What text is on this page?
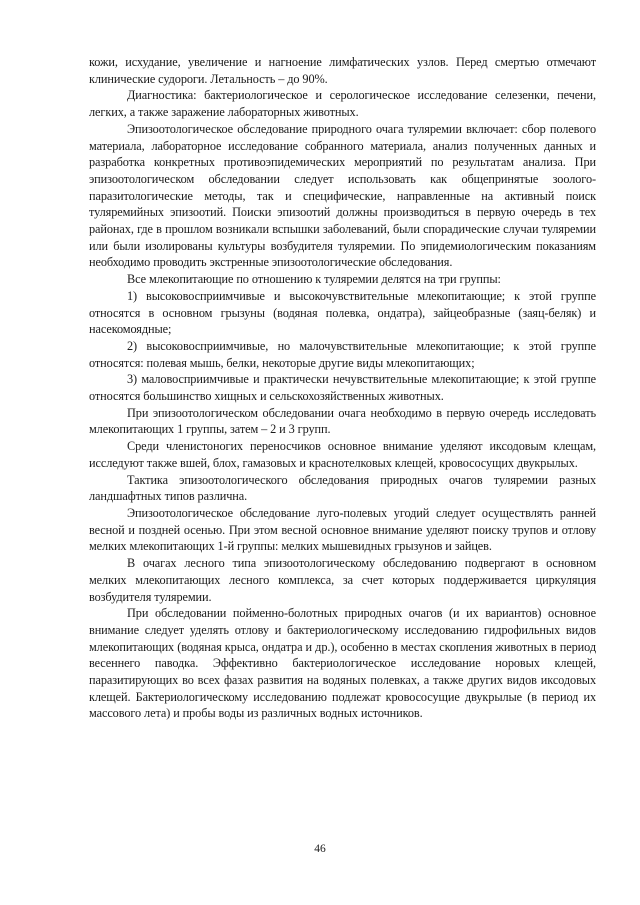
кожи, исхудание, увеличение и нагноение лимфатических узлов. Перед смертью отмечают клинические судороги. Летальность – до 90%.

Диагностика: бактериологическое и серологическое исследование селезенки, печени, легких, а также заражение лабораторных животных.

Эпизоотологическое обследование природного очага туляремии включает: сбор полевого материала, лабораторное исследование собранного материала, анализ полученных данных и разработка конкретных противоэпидемических мероприятий по результатам анализа. При эпизоотологическом обследовании следует использовать как общепринятые зоолого-паразитологические методы, так и специфические, направленные на активный поиск туляремийных эпизоотий. Поиски эпизоотий должны производиться в первую очередь в тех районах, где в прошлом возникали вспышки заболеваний, были спорадические случаи туляремии или были изолированы культуры возбудителя туляремии. По эпидемиологическим показаниям необходимо проводить экстренные эпизоотологические обследования.

Все млекопитающие по отношению к туляремии делятся на три группы:

1) высоковосприимчивые и высокочувствительные млекопитающие; к этой группе относятся в основном грызуны (водяная полевка, ондатра), зайцеобразные (заяц-беляк) и насекомоядные;

2) высоковосприимчивые, но малочувствительные млекопитающие; к этой группе относятся: полевая мышь, белки, некоторые другие виды млекопитающих;

3) маловосприимчивые и практически нечувствительные млекопитающие; к этой группе относятся большинство хищных и сельскохозяйственных животных.

При эпизоотологическом обследовании очага необходимо в первую очередь исследовать млекопитающих 1 группы, затем – 2 и 3 групп.

Среди членистоногих переносчиков основное внимание уделяют иксодовым клещам, исследуют также вшей, блох, гамазовых и краснотелковых клещей, кровососущих двукрылых.

Тактика эпизоотологического обследования природных очагов туляремии разных ландшафтных типов различна.

Эпизоотологическое обследование луго-полевых угодий следует осуществлять ранней весной и поздней осенью. При этом весной основное внимание уделяют поиску трупов и отлову мелких млекопитающих 1-й группы: мелких мышевидных грызунов и зайцев.

В очагах лесного типа эпизоотологическому обследованию подвергают в основном мелких млекопитающих лесного комплекса, за счет которых поддерживается циркуляция возбудителя туляремии.

При обследовании пойменно-болотных природных очагов (и их вариантов) основное внимание следует уделять отлову и бактериологическому исследованию гидрофильных видов млекопитающих (водяная крыса, ондатра и др.), особенно в местах скопления животных в период весеннего паводка. Эффективно бактериологическое исследование норовых клещей, паразитирующих во всех фазах развития на водяных полевках, а также других видов иксодовых клещей. Бактериологическому исследованию подлежат кровососущие двукрылые (в период их массового лета) и пробы воды из различных водных источников.

46
